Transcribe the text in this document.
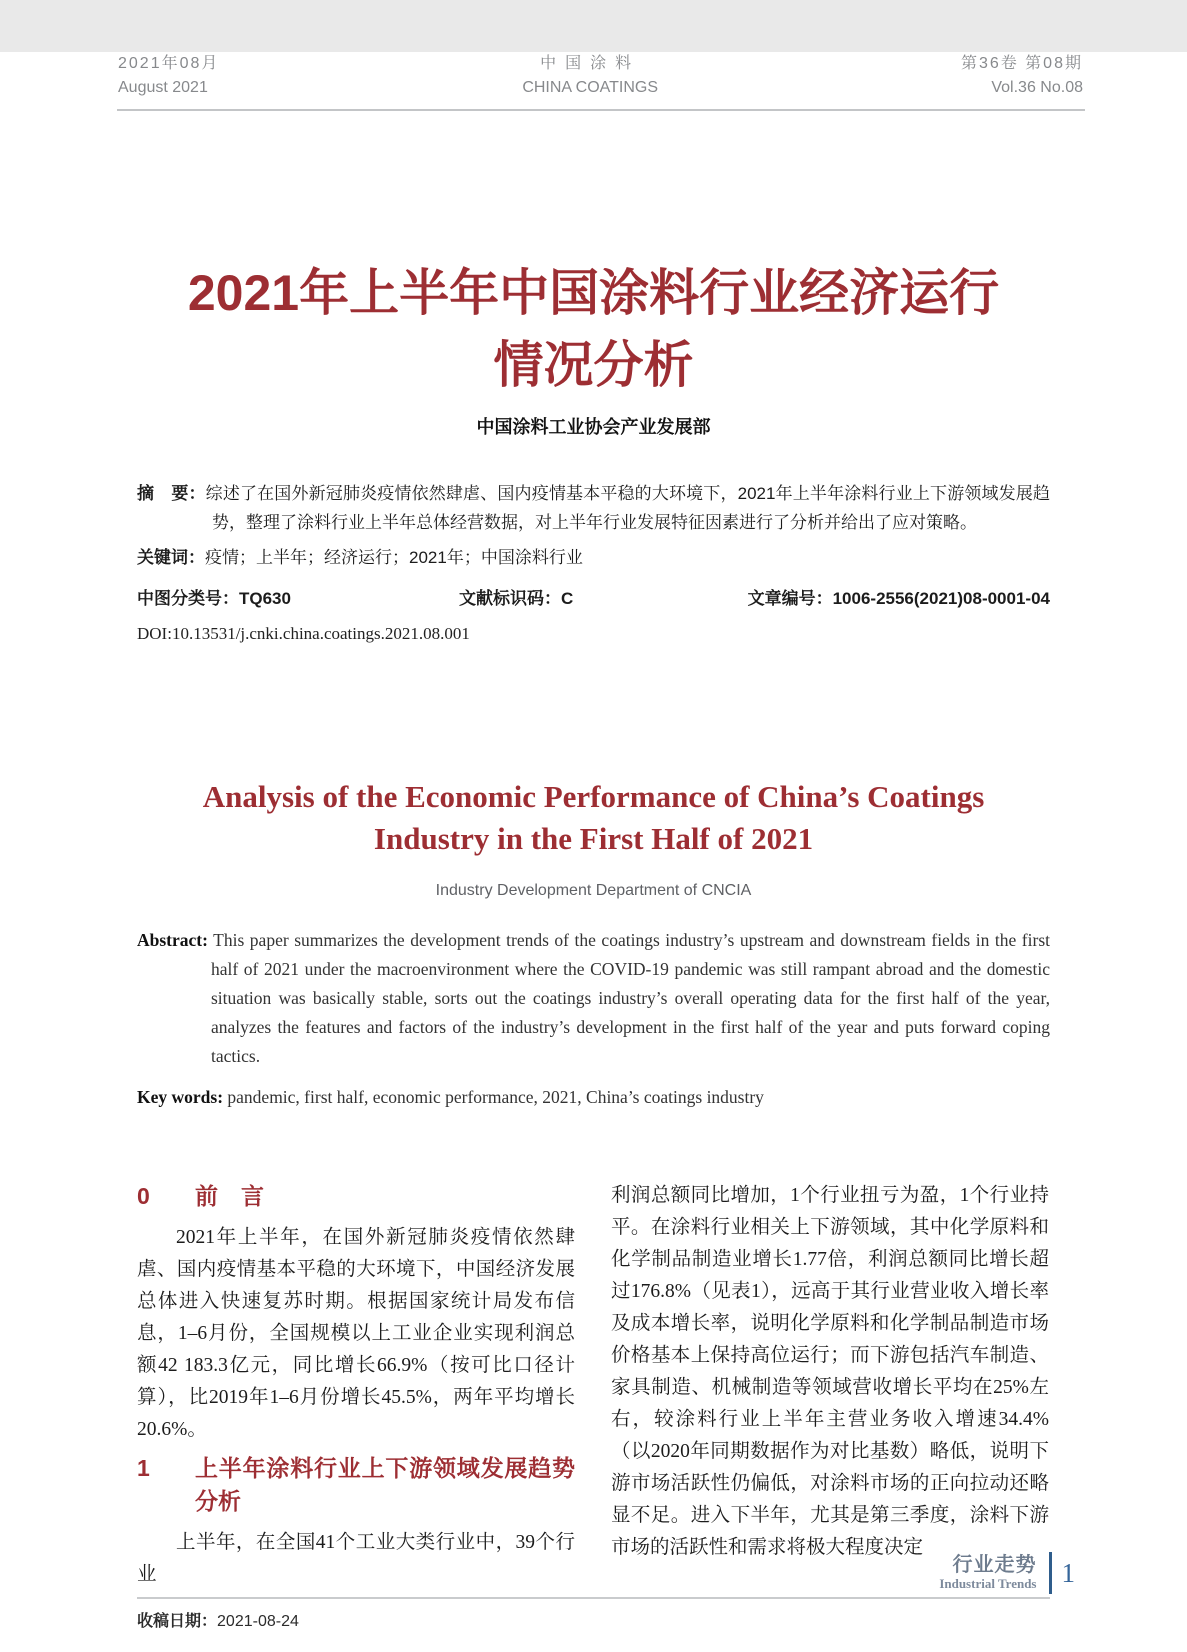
2021年08月
August 2021
中国涂料
CHINA COATINGS
第36卷 第08期
Vol.36 No.08
2021年上半年中国涂料行业经济运行
情况分析
中国涂料工业协会产业发展部

摘　要：综述了在国外新冠肺炎疫情依然肆虐、国内疫情基本平稳的大环境下，2021年上半年涂料行业上下游领域发展趋势，整理了涂料行业上半年总体经营数据，对上半年行业发展特征因素进行了分析并给出了应对策略。

关键词：疫情；上半年；经济运行；2021年；中国涂料行业

中图分类号：TQ630	文献标识码：C	文章编号：1006-2556(2021)08-0001-04
DOI:10.13531/j.cnki.china.coatings.2021.08.001
Analysis of the Economic Performance of China’s Coatings
Industry in the First Half of 2021
Industry Development Department of CNCIA

Abstract: This paper summarizes the development trends of the coatings industry’s upstream and downstream fields in the first half of 2021 under the macroenvironment where the COVID-19 pandemic was still rampant abroad and the domestic situation was basically stable, sorts out the coatings industry’s overall operating data for the first half of the year, analyzes the features and factors of the industry’s development in the first half of the year and puts forward coping tactics.

Key words: pandemic, first half, economic performance, 2021, China’s coatings industry

0	前　言

2021年上半年，在国外新冠肺炎疫情依然肆虐、国内疫情基本平稳的大环境下，中国经济发展总体进入快速复苏时期。根据国家统计局发布信息，1–6月份，全国规模以上工业企业实现利润总额42 183.3亿元，同比增长66.9%（按可比口径计算），比2019年1–6月份增长45.5%，两年平均增长20.6%。

1	上半年涂料行业上下游领域发展趋势分析

上半年，在全国41个工业大类行业中，39个行业

利润总额同比增加，1个行业扭亏为盈，1个行业持平。在涂料行业相关上下游领域，其中化学原料和化学制品制造业增长1.77倍，利润总额同比增长超过176.8%（见表1），远高于其行业营业收入增长率及成本增长率，说明化学原料和化学制品制造市场价格基本上保持高位运行；而下游包括汽车制造、家具制造、机械制造等领域营收增长平均在25%左右，较涂料行业上半年主营业务收入增速34.4%（以2020年同期数据作为对比基数）略低，说明下游市场活跃性仍偏低，对涂料市场的正向拉动还略显不足。进入下半年，尤其是第三季度，涂料下游市场的活跃性和需求将极大程度决定

收稿日期：2021-08-24
行业走势
Industrial Trends 1
